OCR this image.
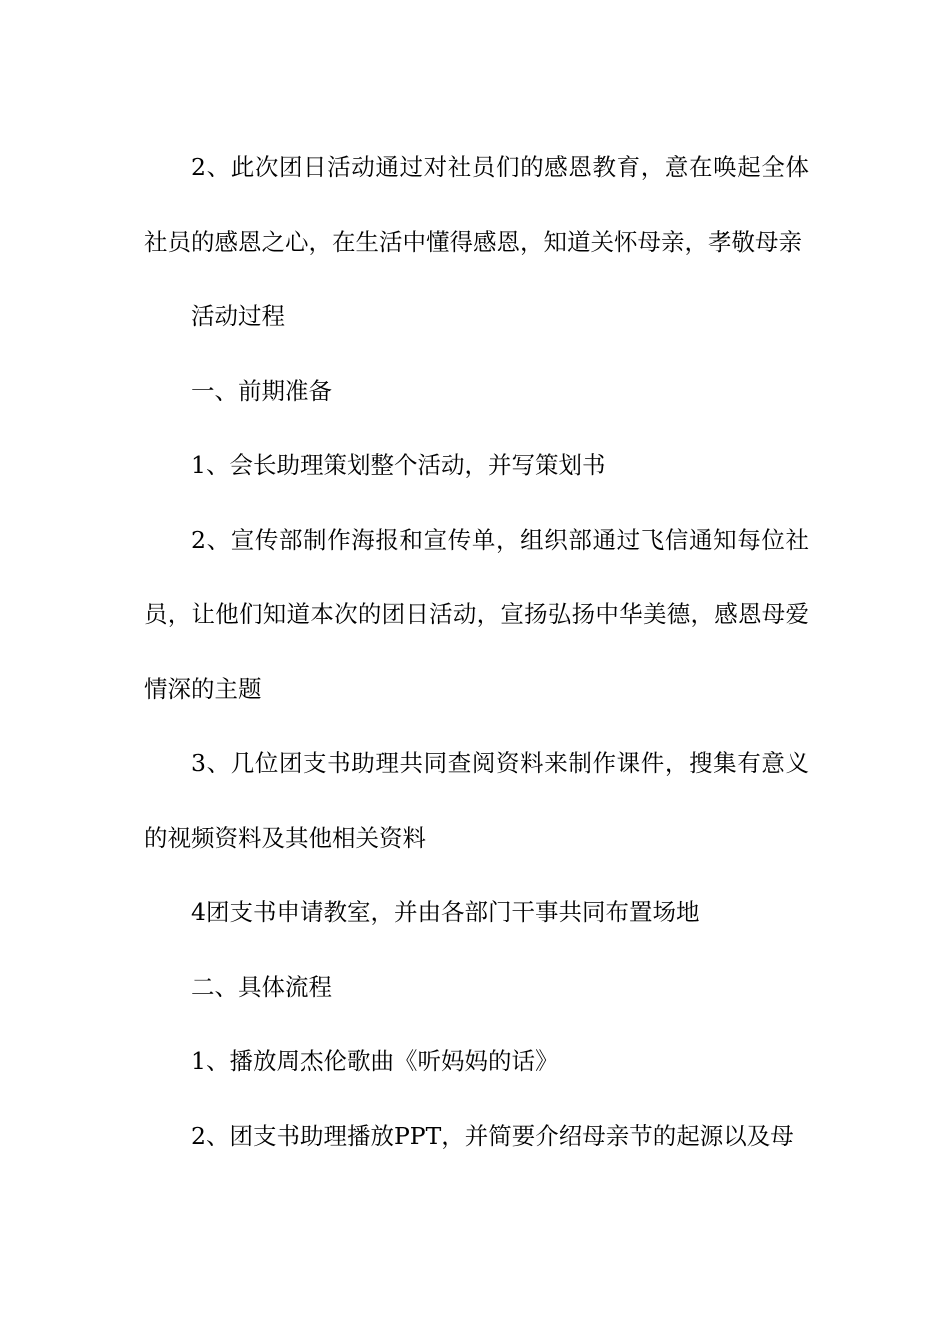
2、此次团日活动通过对社员们的感恩教育，意在唤起全体社员的感恩之心，在生活中懂得感恩，知道关怀母亲，孝敬母亲

活动过程

一、前期准备

1、会长助理策划整个活动，并写策划书

2、宣传部制作海报和宣传单，组织部通过飞信通知每位社员，让他们知道本次的团日活动，宣扬弘扬中华美德，感恩母爱情深的主题

3、几位团支书助理共同查阅资料来制作课件，搜集有意义的视频资料及其他相关资料

4团支书申请教室，并由各部门干事共同布置场地

二、具体流程

1、播放周杰伦歌曲《听妈妈的话》

2、团支书助理播放PPT，并简要介绍母亲节的起源以及母
